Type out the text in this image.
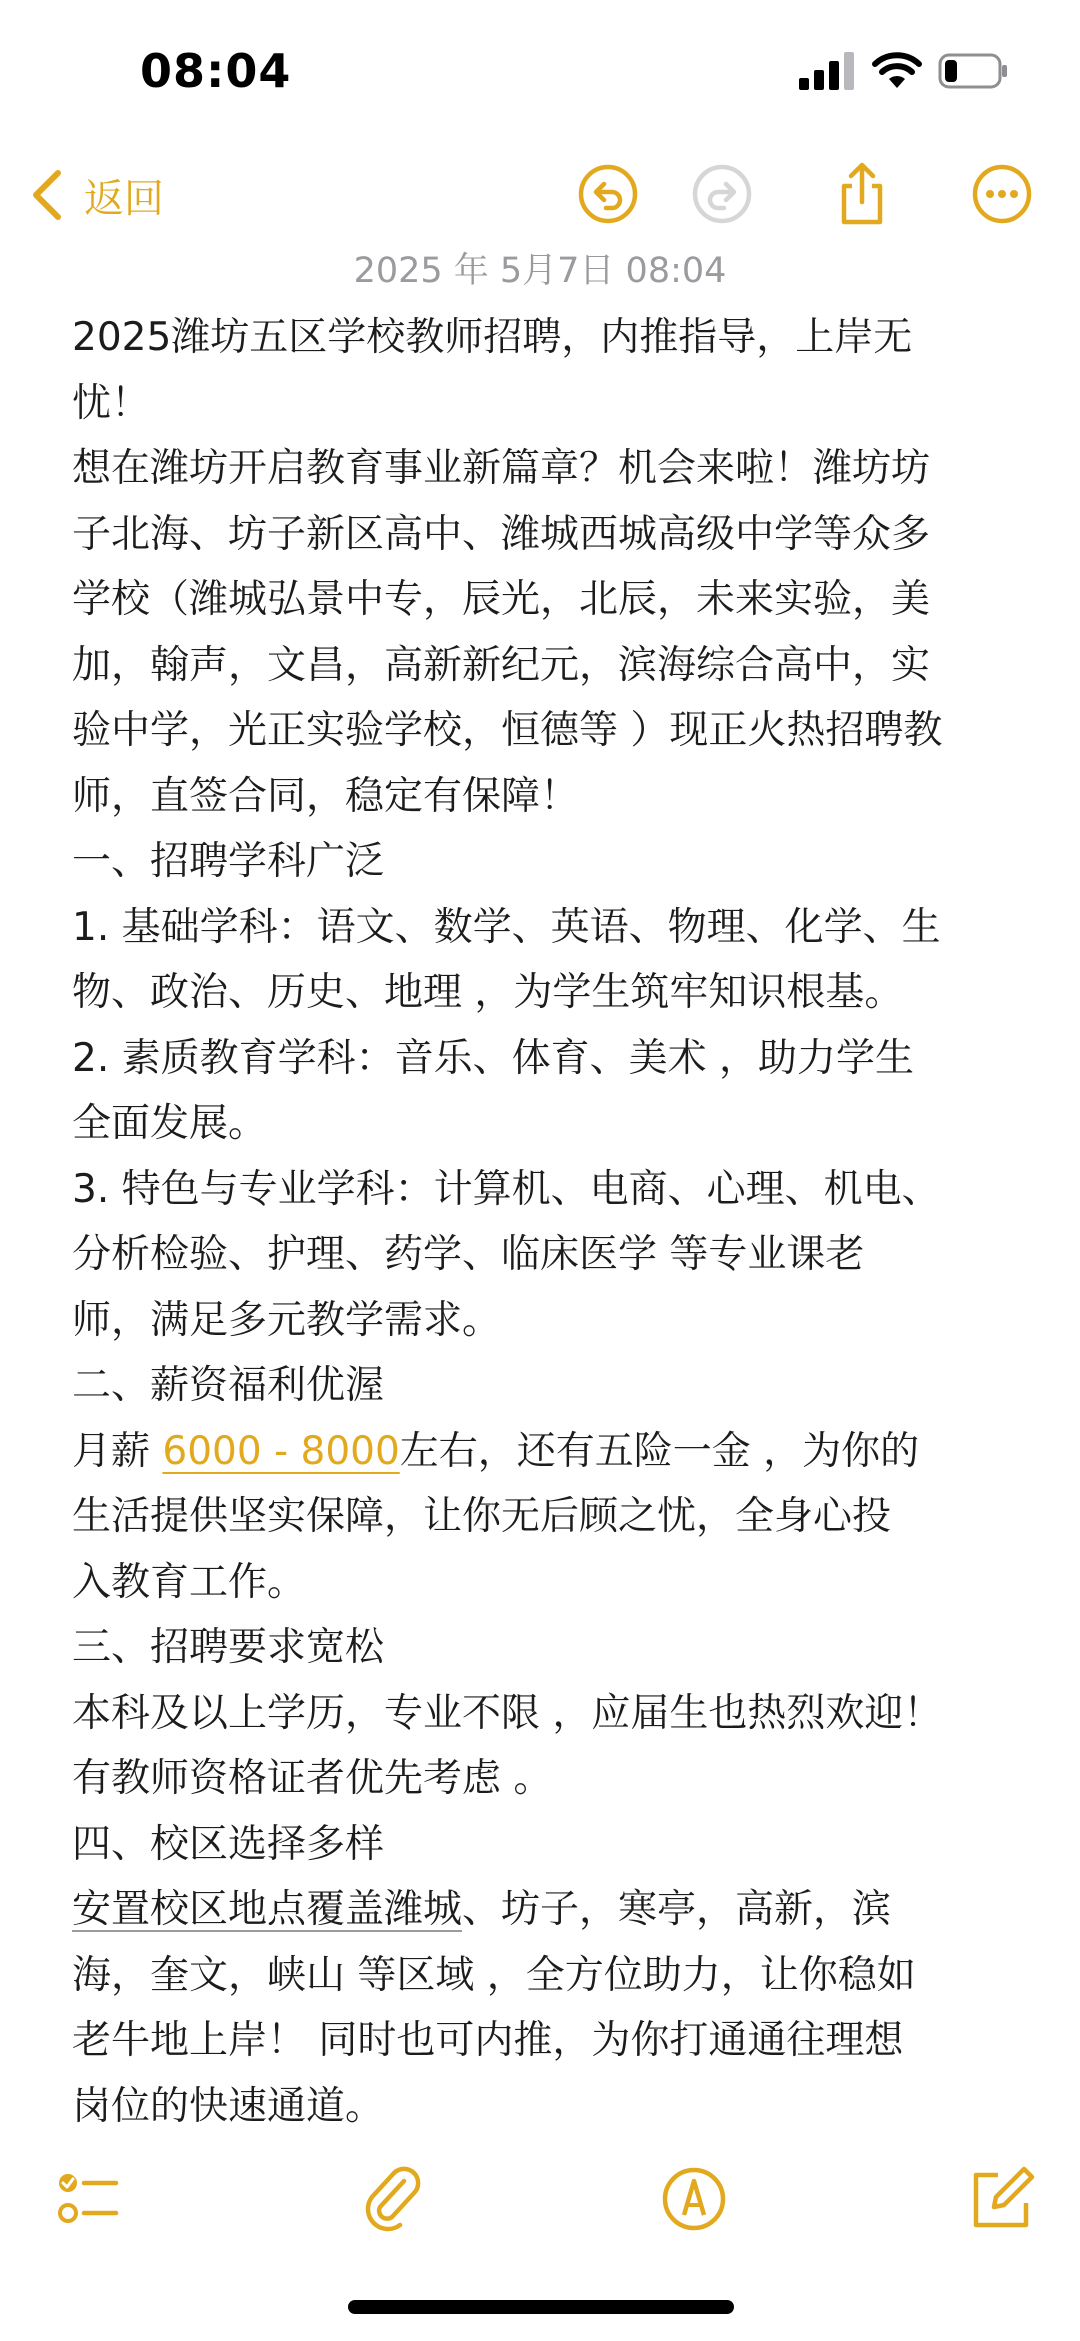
08:04
返回
2025 年 5月7日 08:04
2025潍坊五区学校教师招聘，内推指导，上岸无
忧！
想在潍坊开启教育事业新篇章？机会来啦！潍坊坊
子北海、坊子新区高中、潍城西城高级中学等众多
学校（潍城弘景中专，辰光，北辰，未来实验，美
加，翰声，文昌，高新新纪元，滨海综合高中，实
验中学，光正实验学校，恒德等 ）现正火热招聘教
师，直签合同，稳定有保障！
一、招聘学科广泛
1. 基础学科：语文、数学、英语、物理、化学、生
物、政治、历史、地理 ，为学生筑牢知识根基。
2. 素质教育学科：音乐、体育、美术 ，助力学生
全面发展。
3. 特色与专业学科：计算机、电商、心理、机电、
分析检验、护理、药学、临床医学 等专业课老
师，满足多元教学需求。
二、薪资福利优渥
月薪 6000 - 8000左右，还有五险一金 ，为你的
生活提供坚实保障，让你无后顾之忧，全身心投
入教育工作。
三、招聘要求宽松
本科及以上学历，专业不限 ，应届生也热烈欢迎！
有教师资格证者优先考虑 。
四、校区选择多样
安置校区地点覆盖潍城、坊子，寒亭，高新，滨
海，奎文，峡山 等区域 ，全方位助力，让你稳如
老牛地上岸！ 同时也可内推，为你打通通往理想
岗位的快速通道。
